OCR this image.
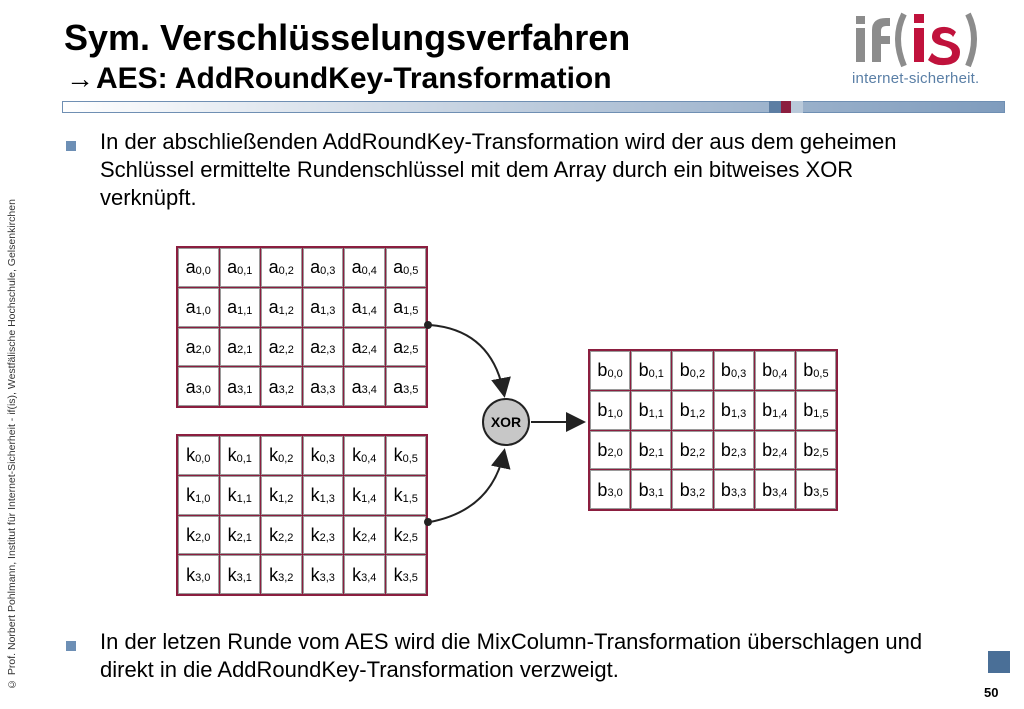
Sym. Verschlüsselungsverfahren
→AES: AddRoundKey-Transformation	internet-sicherheit.
© Prof. Norbert Pohlmann, Institut für Internet-Sicherheit - if(is), Westfälische Hochschule, Gelsenkirchen
In der abschließenden AddRoundKey-Transformation wird der aus dem geheimen Schlüssel ermittelte Rundenschlüssel mit dem Array durch ein bitweises XOR verknüpft.
$a_{0,0}$ $a_{0,1}$ $a_{0,2}$ $a_{0,3}$ $a_{0,4}$ $a_{0,5}$
$a_{1,0}$ $a_{1,1}$ $a_{1,2}$ $a_{1,3}$ $a_{1,4}$ $a_{1,5}$
$a_{2,0}$ $a_{2,1}$ $a_{2,2}$ $a_{2,3}$ $a_{2,4}$ $a_{2,5}$
$a_{3,0}$ $a_{3,1}$ $a_{3,2}$ $a_{3,3}$ $a_{3,4}$ $a_{3,5}$
$k_{0,0}$ $k_{0,1}$ $k_{0,2}$ $k_{0,3}$ $k_{0,4}$ $k_{0,5}$
$k_{1,0}$ $k_{1,1}$ $k_{1,2}$ $k_{1,3}$ $k_{1,4}$ $k_{1,5}$
$k_{2,0}$ $k_{2,1}$ $k_{2,2}$ $k_{2,3}$ $k_{2,4}$ $k_{2,5}$
$k_{3,0}$ $k_{3,1}$ $k_{3,2}$ $k_{3,3}$ $k_{3,4}$ $k_{3,5}$
$b_{0,0}$ $b_{0,1}$ $b_{0,2}$ $b_{0,3}$ $b_{0,4}$ $b_{0,5}$
$b_{1,0}$ $b_{1,1}$ $b_{1,2}$ $b_{1,3}$ $b_{1,4}$ $b_{1,5}$
$b_{2,0}$ $b_{2,1}$ $b_{2,2}$ $b_{2,3}$ $b_{2,4}$ $b_{2,5}$
$b_{3,0}$ $b_{3,1}$ $b_{3,2}$ $b_{3,3}$ $b_{3,4}$ $b_{3,5}$
XOR
In der letzen Runde vom AES wird die MixColumn-Transformation überschlagen und direkt in die AddRoundKey-Transformation verzweigt.
50
